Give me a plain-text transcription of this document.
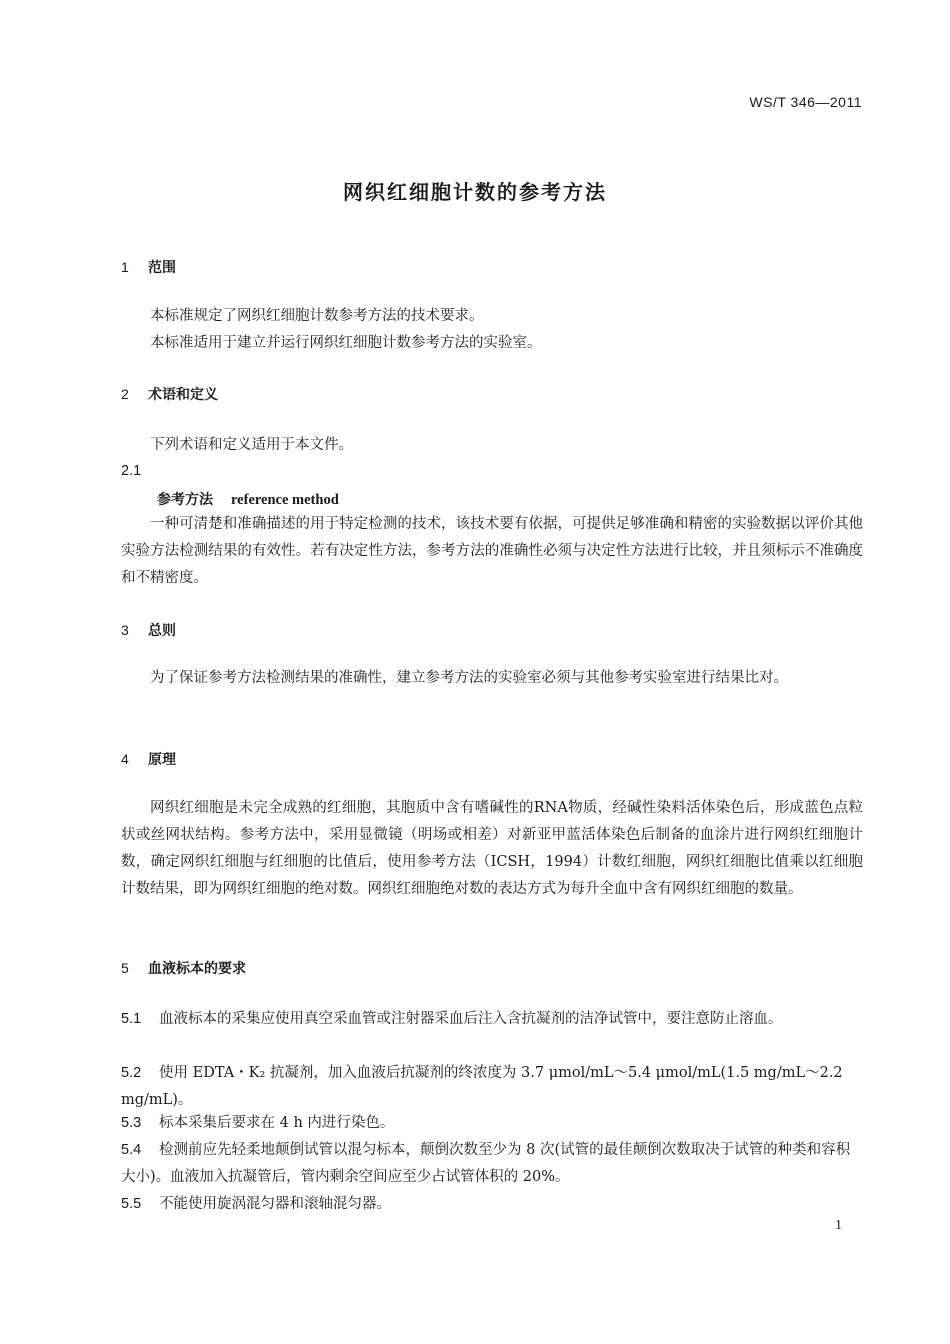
WS/T 346—2011
网织红细胞计数的参考方法
1 范围
本标准规定了网织红细胞计数参考方法的技术要求。
本标准适用于建立并运行网织红细胞计数参考方法的实验室。
2 术语和定义
下列术语和定义适用于本文件。
2.1
参考方法 reference method
一种可清楚和准确描述的用于特定检测的技术，该技术要有依据，可提供足够准确和精密的实验数据以评价其他实验方法检测结果的有效性。若有决定性方法，参考方法的准确性必须与决定性方法进行比较，并且须标示不准确度和不精密度。
3 总则
为了保证参考方法检测结果的准确性，建立参考方法的实验室必须与其他参考实验室进行结果比对。
4 原理
网织红细胞是未完全成熟的红细胞，其胞质中含有嗜碱性的RNA物质，经碱性染料活体染色后，形成蓝色点粒状或丝网状结构。参考方法中，采用显微镜（明场或相差）对新亚甲蓝活体染色后制备的血涂片进行网织红细胞计数，确定网织红细胞与红细胞的比值后，使用参考方法（ICSH，1994）计数红细胞，网织红细胞比值乘以红细胞计数结果，即为网织红细胞的绝对数。网织红细胞绝对数的表达方式为每升全血中含有网织红细胞的数量。
5 血液标本的要求
5.1 血液标本的采集应使用真空采血管或注射器采血后注入含抗凝剂的洁净试管中，要注意防止溶血。
5.2 使用 EDTA・K₂ 抗凝剂，加入血液后抗凝剂的终浓度为 3.7 μmol/mL～5.4 μmol/mL(1.5 mg/mL～2.2 mg/mL)。
5.3 标本采集后要求在 4 h 内进行染色。
5.4 检测前应先轻柔地颠倒试管以混匀标本，颠倒次数至少为 8 次(试管的最佳颠倒次数取决于试管的种类和容积大小)。血液加入抗凝管后，管内剩余空间应至少占试管体积的 20%。
5.5 不能使用旋涡混匀器和滚轴混匀器。
1
